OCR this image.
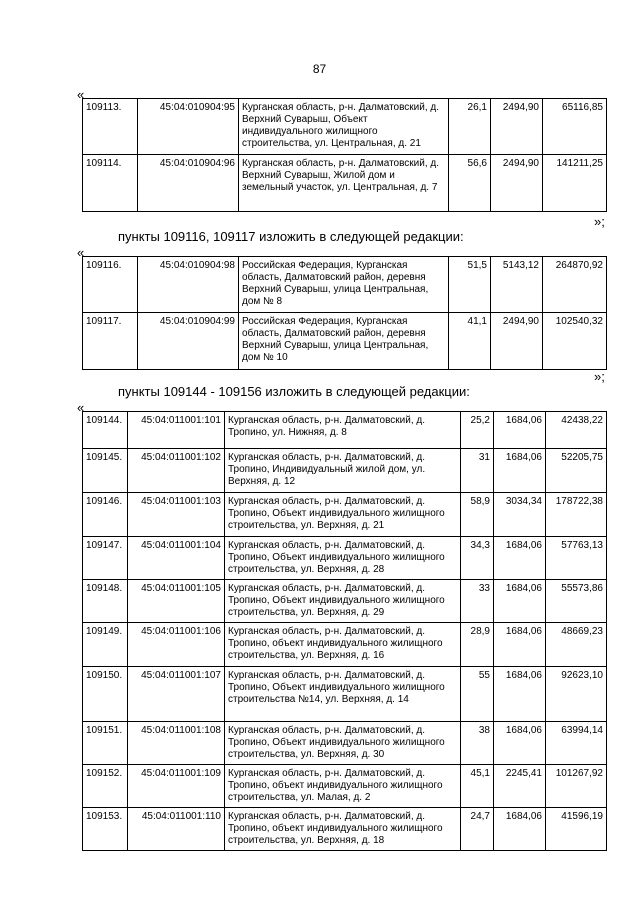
87
«
109113.	45:04:010904:95	Курганская область, р-н. Далматовский, д. Верхний Суварыш, Объект индивидуального жилищного строительства, ул. Центральная, д. 21	26,1	2494,90	65116,85
109114.	45:04:010904:96	Курганская область, р-н. Далматовский, д. Верхний Суварыш, Жилой дом и земельный участок, ул. Центральная, д. 7	56,6	2494,90	141211,25
»;
пункты 109116, 109117 изложить в следующей редакции:
«
109116.	45:04:010904:98	Российская Федерация, Курганская область, Далматовский район, деревня Верхний Суварыш, улица Центральная, дом № 8	51,5	5143,12	264870,92
109117.	45:04:010904:99	Российская Федерация, Курганская область, Далматовский район, деревня Верхний Суварыш, улица Центральная, дом № 10	41,1	2494,90	102540,32
»;
пункты 109144 - 109156 изложить в следующей редакции:
«
109144.	45:04:011001:101	Курганская область, р-н. Далматовский, д. Тропино, ул. Нижняя, д. 8	25,2	1684,06	42438,22
109145.	45:04:011001:102	Курганская область, р-н. Далматовский, д. Тропино, Индивидуальный жилой дом, ул. Верхняя, д. 12	31	1684,06	52205,75
109146.	45:04:011001:103	Курганская область, р-н. Далматовский, д. Тропино, Объект индивидуального жилищного строительства, ул. Верхняя, д. 21	58,9	3034,34	178722,38
109147.	45:04:011001:104	Курганская область, р-н. Далматовский, д. Тропино, Объект индивидуального жилищного строительства, ул. Верхняя, д. 28	34,3	1684,06	57763,13
109148.	45:04:011001:105	Курганская область, р-н. Далматовский, д. Тропино, Объект индивидуального жилищного строительства, ул. Верхняя, д. 29	33	1684,06	55573,86
109149.	45:04:011001:106	Курганская область, р-н. Далматовский, д. Тропино, объект индивидуального жилищного строительства, ул. Верхняя, д. 16	28,9	1684,06	48669,23
109150.	45:04:011001:107	Курганская область, р-н. Далматовский, д. Тропино, Объект индивидуального жилищного строительства №14, ул. Верхняя, д. 14	55	1684,06	92623,10
109151.	45:04:011001:108	Курганская область, р-н. Далматовский, д. Тропино, Объект индивидуального жилищного строительства, ул. Верхняя, д. 30	38	1684,06	63994,14
109152.	45:04:011001:109	Курганская область, р-н. Далматовский, д. Тропино, объект индивидуального жилищного строительства, ул. Малая, д. 2	45,1	2245,41	101267,92
109153.	45:04:011001:110	Курганская область, р-н. Далматовский, д. Тропино, объект индивидуального жилищного строительства, ул. Верхняя, д. 18	24,7	1684,06	41596,19
